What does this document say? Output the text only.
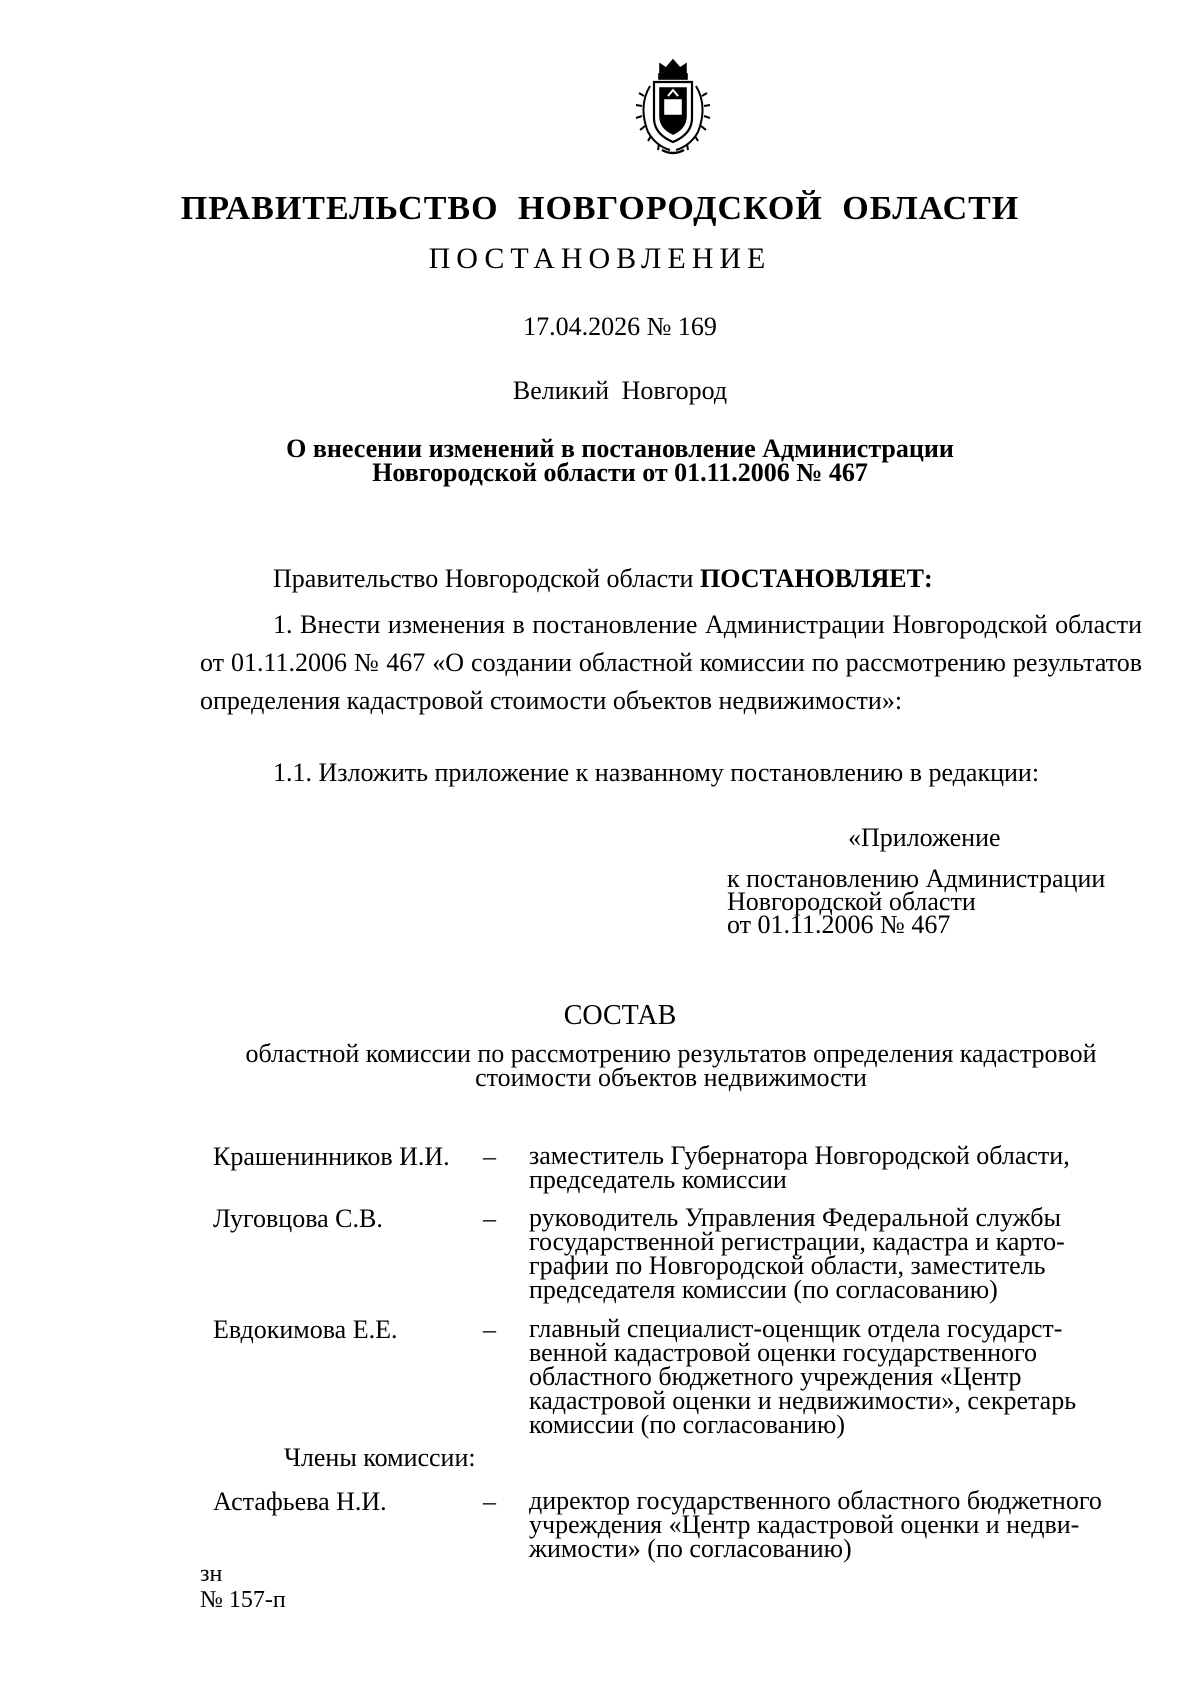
ПРАВИТЕЛЬСТВО НОВГОРОДСКОЙ ОБЛАСТИ
ПОСТАНОВЛЕНИЕ
17.04.2026 № 169
Великий Новгород
О внесении изменений в постановление Администрации
Новгородской области от 01.11.2006 № 467
Правительство Новгородской области ПОСТАНОВЛЯЕТ:
1. Внести изменения в постановление Администрации Новгородской области от 01.11.2006 № 467 «О создании областной комиссии по рассмотрению результатов определения кадастровой стоимости объектов недвижимости»:
1.1. Изложить приложение к названному постановлению в редакции:
«Приложение
к постановлению Администрации
Новгородской области
от 01.11.2006 № 467
СОСТАВ
областной комиссии по рассмотрению результатов определения кадастровой
стоимости объектов недвижимости
Крашенинников И.И. – заместитель Губернатора Новгородской области,
председатель комиссии
Луговцова С.В.	– руководитель Управления Федеральной службы
государственной регистрации, кадастра и карто-
графии по Новгородской области, заместитель
председателя комиссии (по согласованию)
Евдокимова Е.Е.	– главный специалист-оценщик отдела государст-
венной кадастровой оценки государственного
областного бюджетного учреждения «Центр
кадастровой оценки и недвижимости», секретарь
комиссии (по согласованию)
Члены комиссии:
Астафьева Н.И.	– директор государственного областного бюджетного
учреждения «Центр кадастровой оценки и недви-
жимости» (по согласованию)
зн
№ 157-п
